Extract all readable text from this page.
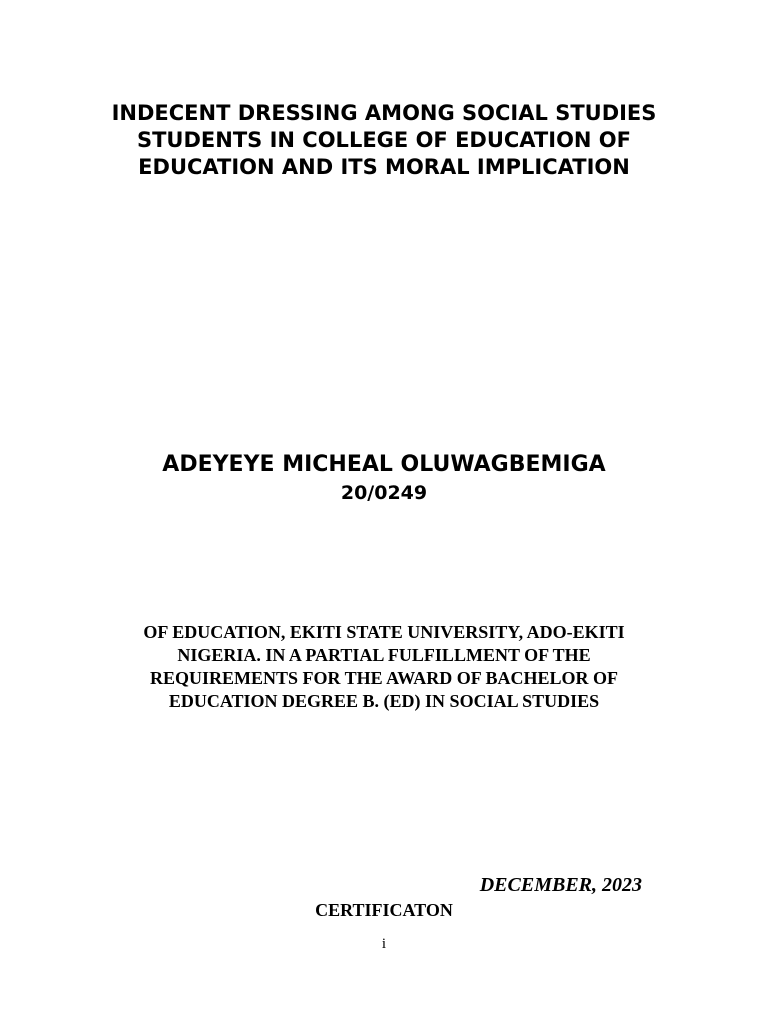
INDECENT DRESSING AMONG SOCIAL STUDIES
STUDENTS IN COLLEGE OF EDUCATION OF
EDUCATION AND ITS MORAL IMPLICATION
ADEYEYE MICHEAL OLUWAGBEMIGA
20/0249
OF EDUCATION, EKITI STATE UNIVERSITY, ADO-EKITI
NIGERIA. IN A PARTIAL FULFILLMENT OF THE
REQUIREMENTS FOR THE AWARD OF BACHELOR OF
EDUCATION DEGREE B. (ED) IN SOCIAL STUDIES
DECEMBER, 2023
CERTIFICATON
i
